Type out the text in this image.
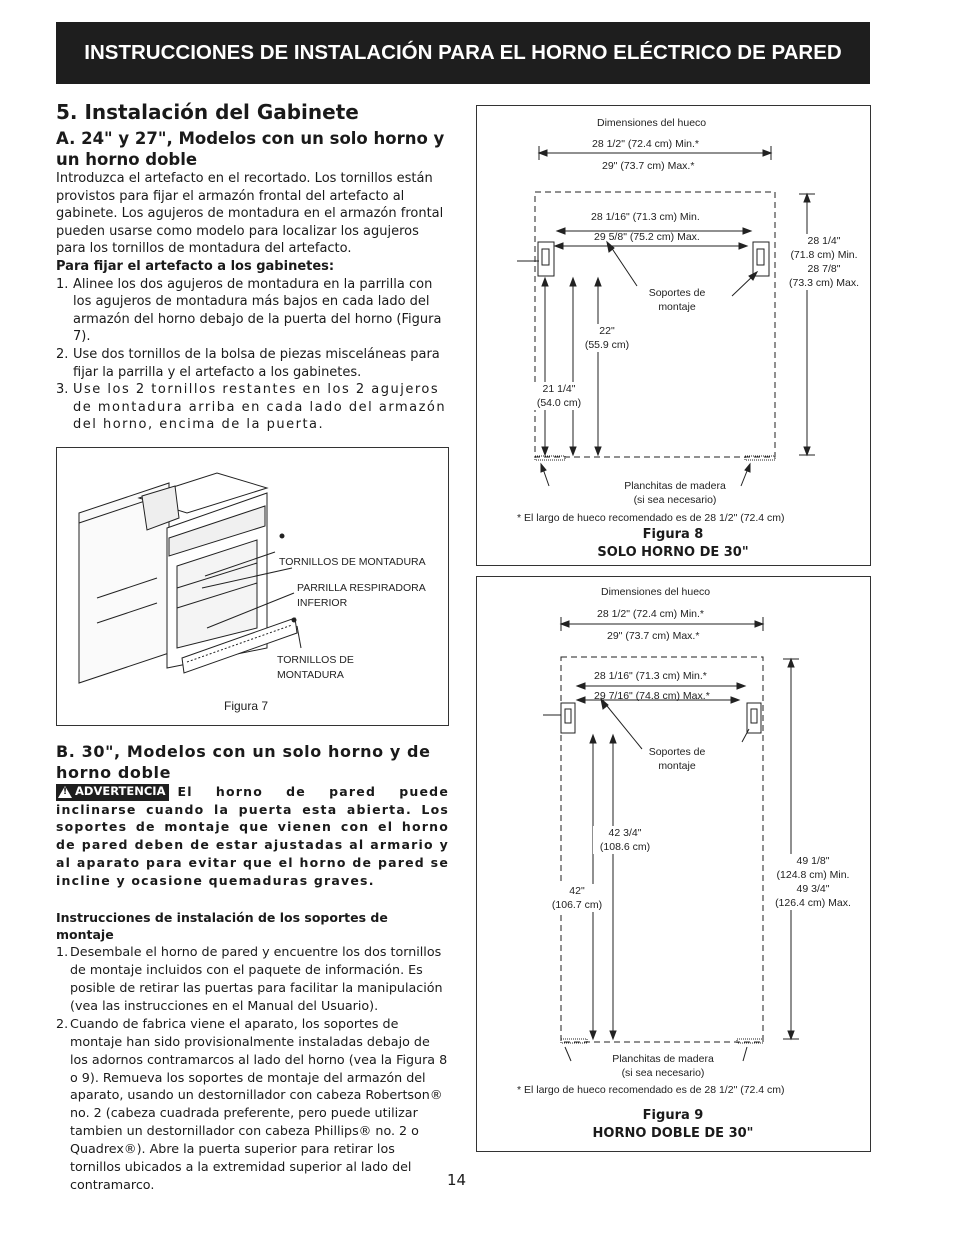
INSTRUCCIONES DE INSTALACIÓN PARA EL HORNO ELÉCTRICO DE PARED
5. Instalación del Gabinete
A. 24" y 27", Modelos con un solo horno y un horno doble

Introduzca el artefacto en el recortado. Los tornillos están provistos para fijar el armazón frontal del artefacto al gabinete. Los agujeros de montadura en el armazón frontal pueden usarse como modelo para localizar los agujeros para los tornillos de montadura del artefacto.

Para fijar el artefacto a los gabinetes:

1. Alinee los dos agujeros de montadura en la parrilla con los agujeros de montadura más bajos en cada lado del armazón del horno debajo de la puerta del horno (Figura 7).
2. Use dos tornillos de la bolsa de piezas misceláneas para fijar la parrilla y el artefacto a los gabinetes.
3. Use los 2 tornillos restantes en los 2 agujeros de montadura arriba en cada lado del armazón del horno, encima de la puerta.
TORNILLOS DE MONTADURA
PARRILLA RESPIRADORA
INFERIOR
TORNILLOS DE
MONTADURA
Figura 7
B. 30", Modelos con un solo horno y de horno doble

! ADVERTENCIA El horno de pared puede inclinarse cuando la puerta esta abierta. Los soportes de montaje que vienen con el horno de pared deben de estar ajustadas al armario y al aparato para evitar que el horno de pared se incline y ocasione quemaduras graves.

Instrucciones de instalación de los soportes de montaje
1. Desembale el horno de pared y encuentre los dos tornillos de montaje incluidos con el paquete de información. Es posible de retirar las puertas para facilitar la manipulación (vea las instrucciones en el Manual del Usuario).
2. Cuando de fabrica viene el aparato, los soportes de montaje han sido provisionalmente instaladas debajo de los adornos contramarcos al lado del horno (vea la Figura 8 o 9). Remueva los soportes de montaje del armazón del aparato, usando un destornillador con cabeza Robertson® no. 2 (cabeza cuadrada preferente, pero puede utilizar tambien un destornillador con cabeza Phillips® no. 2 o Quadrex®). Abre la puerta superior para retirar los tornillos ubicados a la extremidad superior al lado del contramarco.
Dimensiones del hueco
28 1/2" (72.4 cm) Min.*
29" (73.7 cm) Max.*
28 1/16" (71.3 cm) Min.
29 5/8" (75.2 cm) Max.
Soportes de
montaje
22"
(55.9 cm)
21 1/4"
(54.0 cm)
28 1/4"
(71.8 cm) Min.
28 7/8"
(73.3 cm) Max.
Planchitas de madera
(si sea necesario)
* El largo de hueco recomendado es de 28 1/2" (72.4 cm)
Figura 8
SOLO HORNO DE 30"
Dimensiones del hueco
28 1/2" (72.4 cm) Min.*
29" (73.7 cm) Max.*
28 1/16" (71.3 cm) Min.*
29 7/16" (74.8 cm) Max.*
Soportes de
montaje
42 3/4"
(108.6 cm)
42"
(106.7 cm)
49 1/8"
(124.8 cm) Min.
49 3/4"
(126.4 cm) Max.
Planchitas de madera
(si sea necesario)
* El largo de hueco recomendado es de 28 1/2" (72.4 cm)
Figura 9
HORNO DOBLE DE 30"
14
